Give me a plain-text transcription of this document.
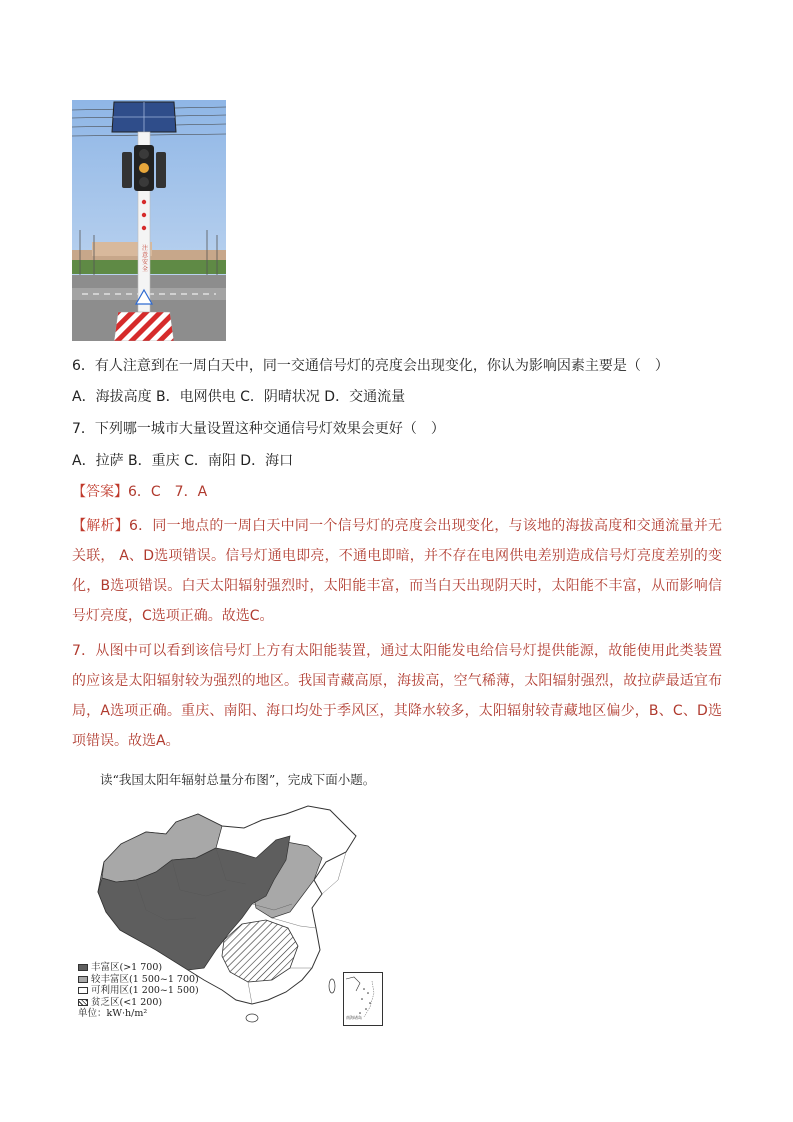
注意安全
6．有人注意到在一周白天中，同一交通信号灯的亮度会出现变化，你认为影响因素主要是（　）
A．海拔高度 B．电网供电 C．阴晴状况 D．交通流量
7．下列哪一城市大量设置这种交通信号灯效果会更好（　）
A．拉萨 B．重庆 C．南阳 D．海口
【答案】6．C　7．A
【解析】6．同一地点的一周白天中同一个信号灯的亮度会出现变化，与该地的海拔高度和交通流量并无关联， A、D选项错误。信号灯通电即亮，不通电即暗，并不存在电网供电差别造成信号灯亮度差别的变化，B选项错误。白天太阳辐射强烈时，太阳能丰富，而当白天出现阴天时，太阳能不丰富，从而影响信号灯亮度，C选项正确。故选C。
7．从图中可以看到该信号灯上方有太阳能装置，通过太阳能发电给信号灯提供能源，故能使用此类装置的应该是太阳辐射较为强烈的地区。我国青藏高原，海拔高，空气稀薄，太阳辐射强烈，故拉萨最适宜布局，A选项正确。重庆、南阳、海口均处于季风区，其降水较多，太阳辐射较青藏地区偏少，B、C、D选项错误。故选A。
读“我国太阳年辐射总量分布图”，完成下面小题。
丰富区(>1 700)
较丰富区(1 500~1 700)
可利用区(1 200~1 500)
贫乏区(<1 200)
单位：kW·h/m²	南海诸岛
